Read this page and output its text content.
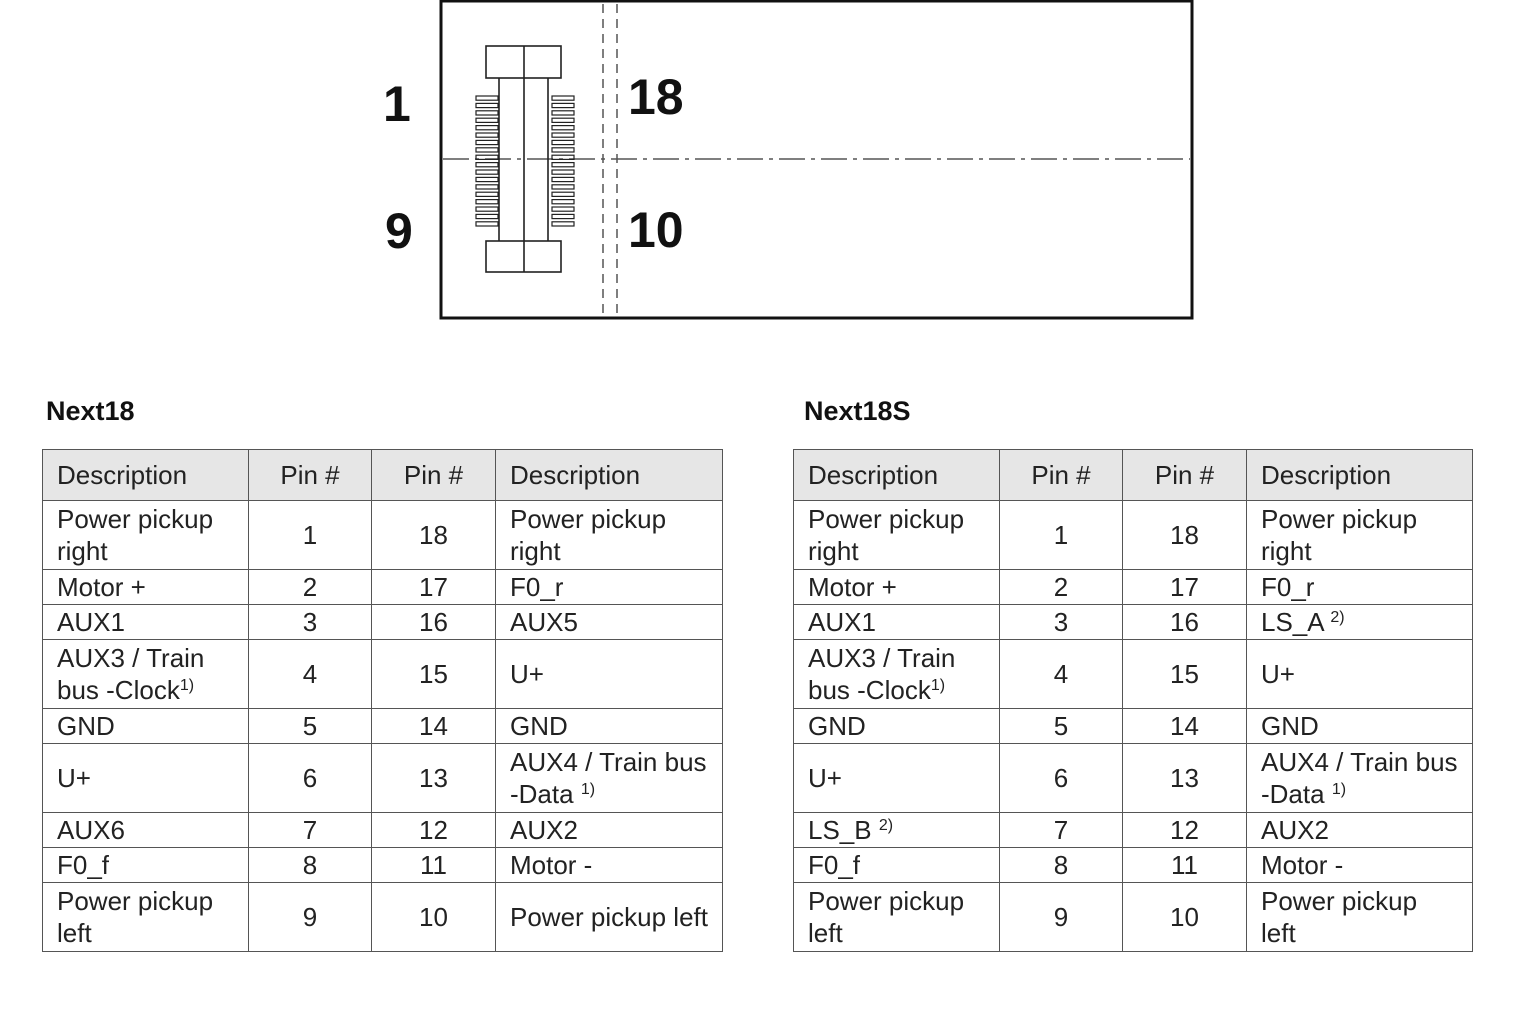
1
9
18
10
Next18	Next18S
Description	Pin #	Pin #	Description
Power pickup right	1	18	Power pickup right
Motor +	2	17	F0_r
AUX1	3	16	AUX5
AUX3 / Train bus -Clock$^{1)}$	4	15	U+
GND	5	14	GND
U+	6	13	AUX4 / Train bus -Data $^{1)}$
AUX6	7	12	AUX2
F0_f	8	11	Motor -
Power pickup left	9	10	Power pickup left
Description	Pin #	Pin #	Description
Power pickup right	1	18	Power pickup right
Motor +	2	17	F0_r
AUX1	3	16	LS_A $^{2)}$
AUX3 / Train bus -Clock$^{1)}$	4	15	U+
GND	5	14	GND
U+	6	13	AUX4 / Train bus -Data $^{1)}$
LS_B $^{2)}$	7	12	AUX2
F0_f	8	11	Motor -
Power pickup left	9	10	Power pickup left
